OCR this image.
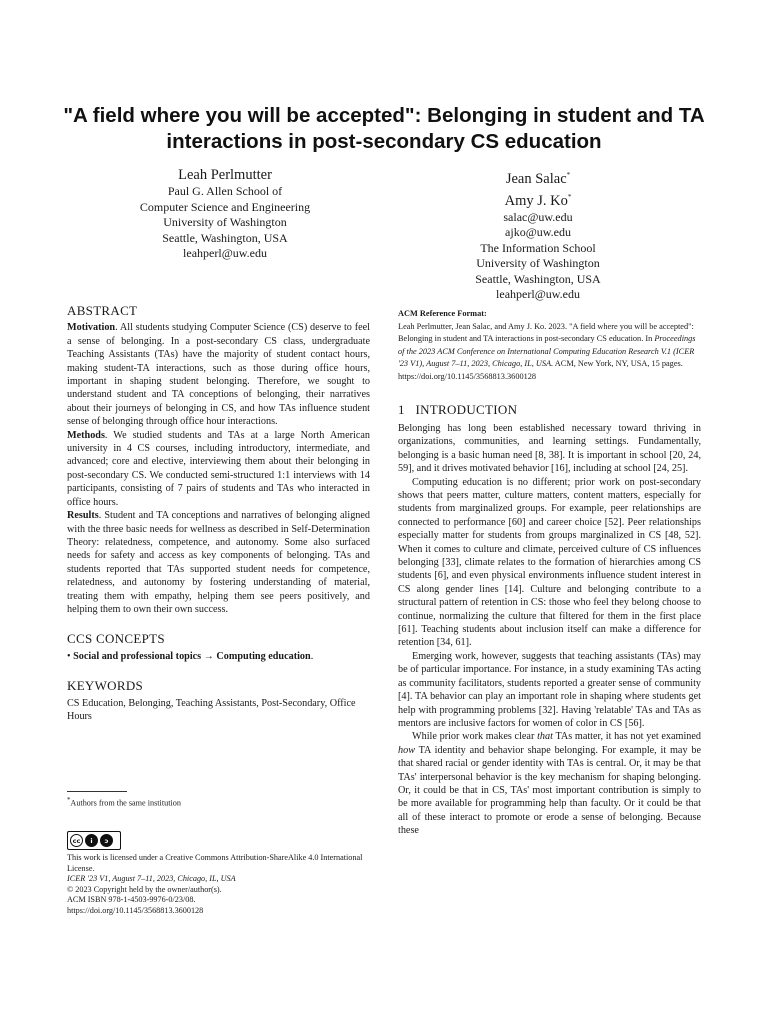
"A field where you will be accepted": Belonging in student and TA interactions in post-secondary CS education
Leah Perlmutter
Paul G. Allen School of
Computer Science and Engineering
University of Washington
Seattle, Washington, USA
leahperl@uw.edu
Jean Salac*
Amy J. Ko*
salac@uw.edu
ajko@uw.edu
The Information School
University of Washington
Seattle, Washington, USA
leahperl@uw.edu
ABSTRACT

Motivation. All students studying Computer Science (CS) deserve to feel a sense of belonging. In a post-secondary CS class, undergraduate Teaching Assistants (TAs) have the majority of student contact hours, making student-TA interactions, such as those during office hours, important in shaping student belonging. Therefore, we sought to understand student and TA conceptions of belonging, their narratives about their journeys of belonging in CS, and how TAs influence student sense of belonging through office hour interactions.

Methods. We studied students and TAs at a large North American university in 4 CS courses, including introductory, intermediate, and advanced; core and elective, interviewing them about their belonging in post-secondary CS. We conducted semi-structured 1:1 interviews with 14 participants, consisting of 7 pairs of students and TAs who interacted in office hours.

Results. Student and TA conceptions and narratives of belonging aligned with the three basic needs for wellness as described in Self-Determination Theory: relatedness, competence, and autonomy. Some also surfaced needs for safety and access as key components of belonging. TAs and students reported that TAs supported student needs for competence, relatedness, and autonomy by fostering understanding of material, treating them with empathy, helping them see peers positively, and helping them to own their own success.

CCS CONCEPTS

• Social and professional topics → Computing education.

KEYWORDS

CS Education, Belonging, Teaching Assistants, Post-Secondary, Office Hours

*Authors from the same institution
cc	i	ↄ

This work is licensed under a Creative Commons Attribution-ShareAlike 4.0 International License.

ICER '23 V1, August 7–11, 2023, Chicago, IL, USA

© 2023 Copyright held by the owner/author(s).

ACM ISBN 978-1-4503-9976-0/23/08.

https://doi.org/10.1145/3568813.3600128

ACM Reference Format:
Leah Perlmutter, Jean Salac, and Amy J. Ko. 2023. "A field where you will be accepted": Belonging in student and TA interactions in post-secondary CS education. In Proceedings of the 2023 ACM Conference on International Computing Education Research V.1 (ICER '23 V1), August 7–11, 2023, Chicago, IL, USA. ACM, New York, NY, USA, 15 pages. https://doi.org/10.1145/3568813.3600128
1   INTRODUCTION

Belonging has long been established necessary toward thriving in organizations, communities, and learning settings. Fundamentally, belonging is a basic human need [8, 38]. It is important in school [20, 24, 59], and it drives motivated behavior [16], including at school [24, 25].

Computing education is no different; prior work on post-secondary shows that peers matter, culture matters, content matters, especially for students from marginalized groups. For example, peer relationships are connected to performance [60] and career choice [52]. Peer relationships especially matter for students from groups marginalized in CS [48, 52]. When it comes to culture and climate, perceived culture of CS influences belonging [33], climate relates to the formation of hierarchies among CS students [6], and even physical environments influence student interest in CS along gender lines [14]. Culture and belonging contribute to a structural pattern of retention in CS: those who feel they belong choose to continue, normalizing the culture that filtered for them in the first place [61]. Teaching students about inclusion itself can make a difference for retention [34, 61].

Emerging work, however, suggests that teaching assistants (TAs) may be of particular importance. For instance, in a study examining TAs acting as community facilitators, students reported a greater sense of community [4]. TA behavior can play an important role in shaping where students get help with programming problems [32]. Having 'relatable' TAs and TAs as mentors are inclusive factors for women of color in CS [56].

While prior work makes clear that TAs matter, it has not yet examined how TA identity and behavior shape belonging. For example, it may be that shared racial or gender identity with TAs is central. Or, it may be that TAs' interpersonal behavior is the key mechanism for shaping belonging. Or, it could be that in CS, TAs' most important contribution is simply to be more available for programming help than faculty. Or it could be that all of these interact to promote or erode a sense of belonging. Because these
